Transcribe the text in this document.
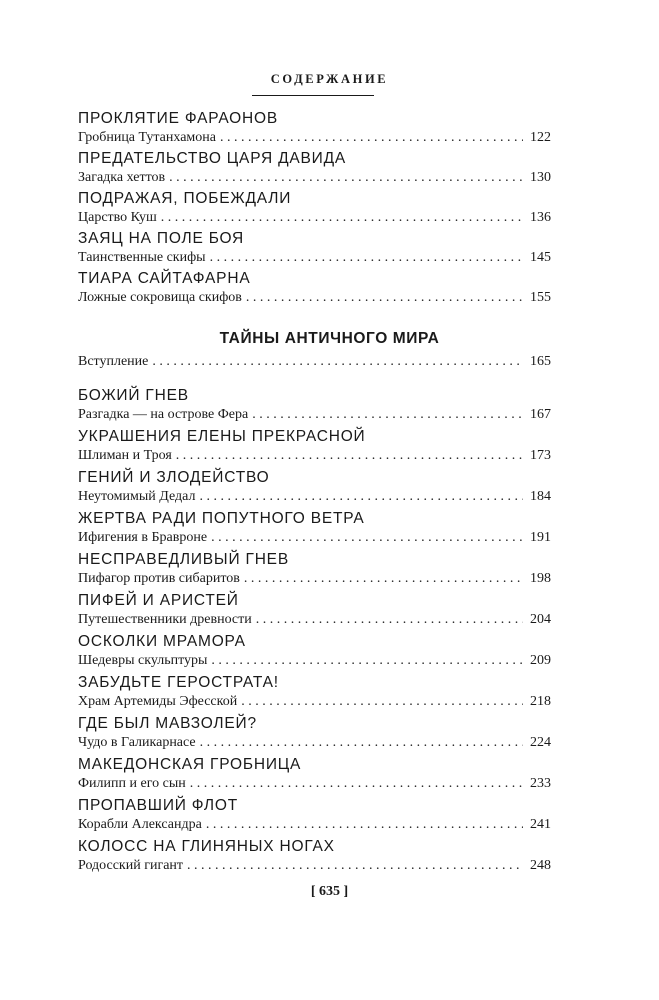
СОДЕРЖАНИЕ
ПРОКЛЯТИЕ ФАРАОНОВ
Гробница Тутанхамона . . .	122
ПРЕДАТЕЛЬСТВО ЦАРЯ ДАВИДА
Загадка хеттов . . .	130
ПОДРАЖАЯ, ПОБЕЖДАЛИ
Царство Куш . . .	136
ЗАЯЦ НА ПОЛЕ БОЯ
Таинственные скифы . . .	145
ТИАРА САЙТАФАРНА
Ложные сокровища скифов . . .	155
ТАЙНЫ АНТИЧНОГО МИРА
Вступление . . .	165
БОЖИЙ ГНЕВ
Разгадка — на острове Фера . . .	167
УКРАШЕНИЯ ЕЛЕНЫ ПРЕКРАСНОЙ
Шлиман и Троя . . .	173
ГЕНИЙ И ЗЛОДЕЙСТВО
Неутомимый Дедал . . .	184
ЖЕРТВА РАДИ ПОПУТНОГО ВЕТРА
Ифигения в Бравроне . . .	191
НЕСПРАВЕДЛИВЫЙ ГНЕВ
Пифагор против сибаритов . . .	198
ПИФЕЙ И АРИСТЕЙ
Путешественники древности . . .	204
ОСКОЛКИ МРАМОРА
Шедевры скульптуры . . .	209
ЗАБУДЬТЕ ГЕРОСТРАТА!
Храм Артемиды Эфесской . . .	218
ГДЕ БЫЛ МАВЗОЛЕЙ?
Чудо в Галикарнасе . . .	224
МАКЕДОНСКАЯ ГРОБНИЦА
Филипп и его сын . . .	233
ПРОПАВШИЙ ФЛОТ
Корабли Александра . . .	241
КОЛОСС НА ГЛИНЯНЫХ НОГАХ
Родосский гигант . . .	248
[ 635 ]
